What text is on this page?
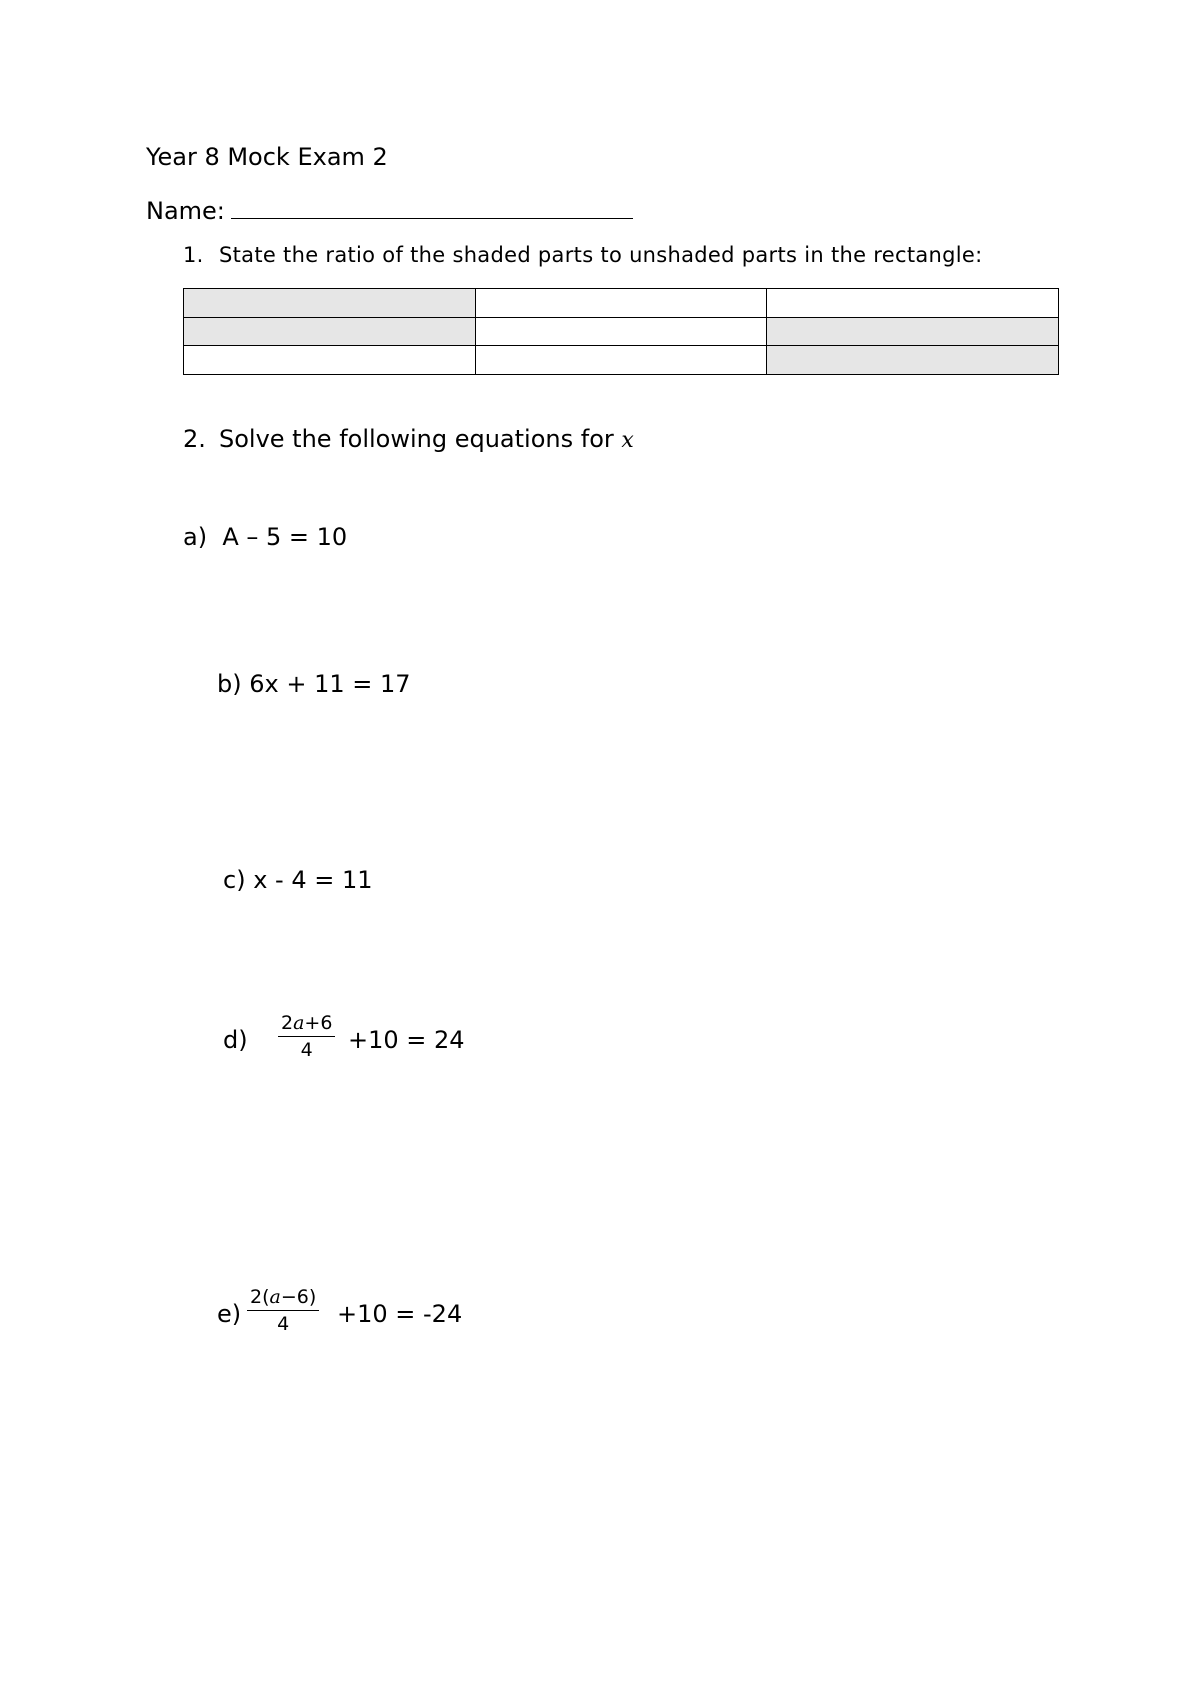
Year 8 Mock Exam 2
Name:
1. State the ratio of the shaded parts to unshaded parts in the rectangle:

2. Solve the following equations for x
a) A – 5 = 10
b) 6x + 11 = 17
c) x - 4 = 11
$d) \frac{2a+6}{4} +10 = 24$
$e) \frac{2(a-6)}{4} +10 = -24$
